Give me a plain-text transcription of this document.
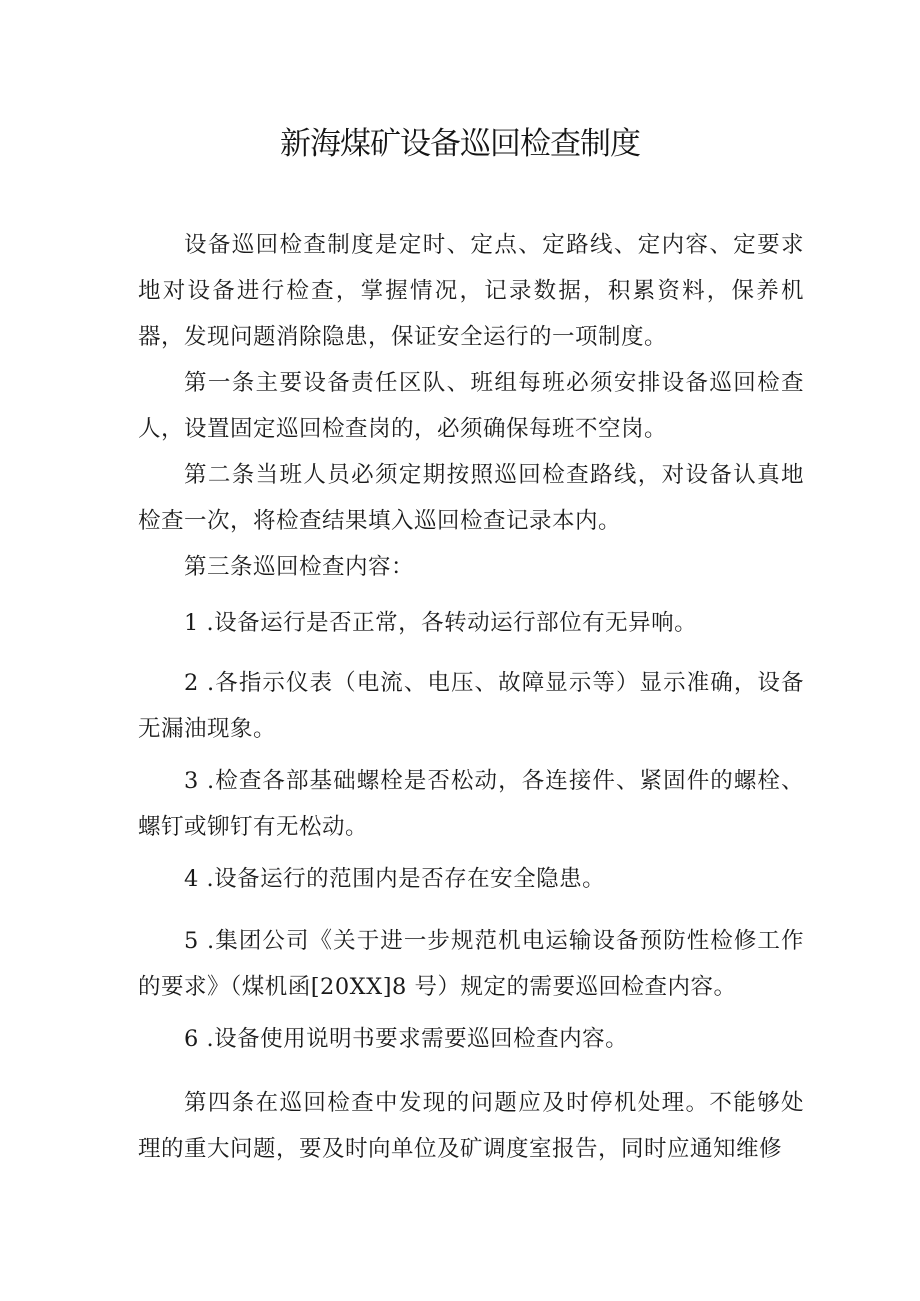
新海煤矿设备巡回检查制度

设备巡回检查制度是定时、定点、定路线、定内容、定要求地对设备进行检查，掌握情况，记录数据，积累资料，保养机器，发现问题消除隐患，保证安全运行的一项制度。

第一条主要设备责任区队、班组每班必须安排设备巡回检查人，设置固定巡回检查岗的，必须确保每班不空岗。

第二条当班人员必须定期按照巡回检查路线，对设备认真地检查一次，将检查结果填入巡回检查记录本内。

第三条巡回检查内容：

1 .设备运行是否正常，各转动运行部位有无异响。

2 .各指示仪表（电流、电压、故障显示等）显示准确，设备无漏油现象。

3 .检查各部基础螺栓是否松动，各连接件、紧固件的螺栓、螺钉或铆钉有无松动。

4 .设备运行的范围内是否存在安全隐患。

5 .集团公司《关于进一步规范机电运输设备预防性检修工作的要求》（煤机函[20XX]8 号）规定的需要巡回检查内容。

6 .设备使用说明书要求需要巡回检查内容。

第四条在巡回检查中发现的问题应及时停机处理。不能够处理的重大问题，要及时向单位及矿调度室报告，同时应通知维修
